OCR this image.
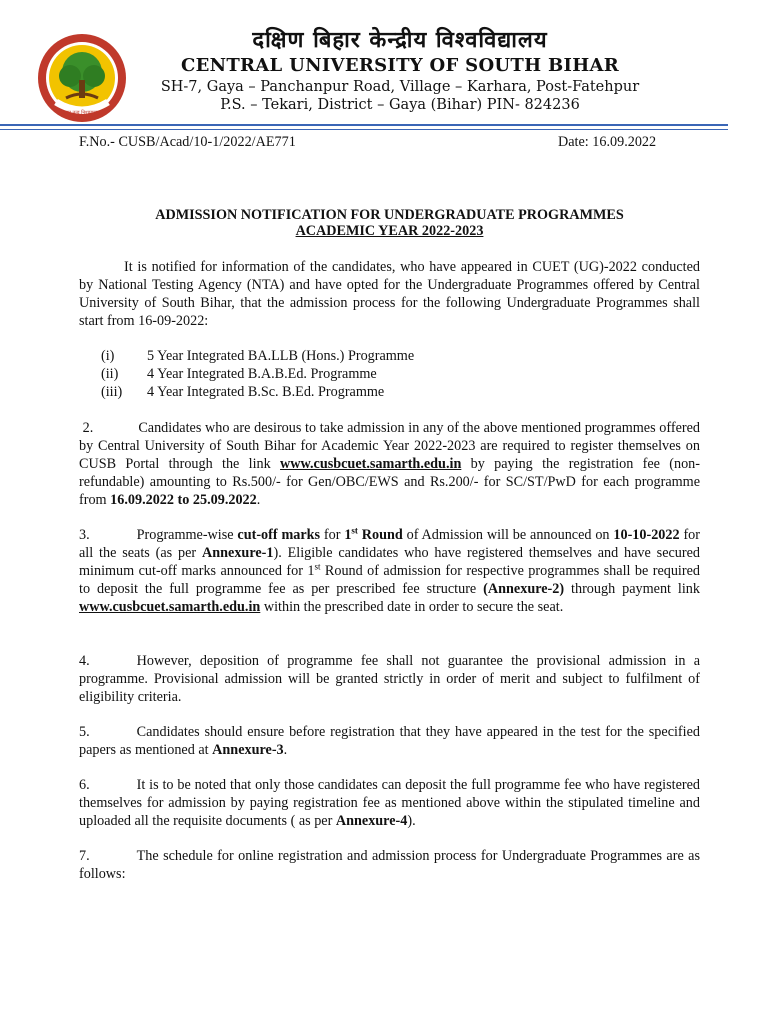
ज्ञान तत्व निश्चयात्मा
दक्षिण बिहार केन्द्रीय विश्वविद्यालय
CENTRAL UNIVERSITY OF SOUTH BIHAR
SH-7, Gaya – Panchanpur Road, Village – Karhara, Post-Fatehpur
P.S. – Tekari, District – Gaya (Bihar) PIN- 824236
F.No.- CUSB/Acad/10-1/2022/AE771	Date: 16.09.2022
ADMISSION NOTIFICATION FOR UNDERGRADUATE PROGRAMMES
ACADEMIC YEAR 2022-2023
It is notified for information of the candidates, who have appeared in CUET (UG)-2022 conducted by National Testing Agency (NTA) and have opted for the Undergraduate Programmes offered by Central University of South Bihar, that the admission process for the following Undergraduate Programmes shall start from 16-09-2022:
(i) 5 Year Integrated BA.LLB (Hons.) Programme
(ii) 4 Year Integrated B.A.B.Ed. Programme
(iii) 4 Year Integrated B.Sc. B.Ed. Programme
2.	Candidates who are desirous to take admission in any of the above mentioned programmes offered by Central University of South Bihar for Academic Year 2022-2023 are required to register themselves on CUSB Portal through the link www.cusbcuet.samarth.edu.in by paying the registration fee (non-refundable) amounting to Rs.500/- for Gen/OBC/EWS and Rs.200/- for SC/ST/PwD for each programme from 16.09.2022 to 25.09.2022.
3.	Programme-wise cut-off marks for 1st Round of Admission will be announced on 10-10-2022 for all the seats (as per Annexure-1). Eligible candidates who have registered themselves and have secured minimum cut-off marks announced for 1st Round of admission for respective programmes shall be required to deposit the full programme fee as per prescribed fee structure (Annexure-2) through payment link www.cusbcuet.samarth.edu.in within the prescribed date in order to secure the seat.
4.	However, deposition of programme fee shall not guarantee the provisional admission in a programme. Provisional admission will be granted strictly in order of merit and subject to fulfilment of eligibility criteria.
5.	Candidates should ensure before registration that they have appeared in the test for the specified papers as mentioned at Annexure-3.
6.	It is to be noted that only those candidates can deposit the full programme fee who have registered themselves for admission by paying registration fee as mentioned above within the stipulated timeline and uploaded all the requisite documents ( as per Annexure-4).
7.	The schedule for online registration and admission process for Undergraduate Programmes are as follows:
